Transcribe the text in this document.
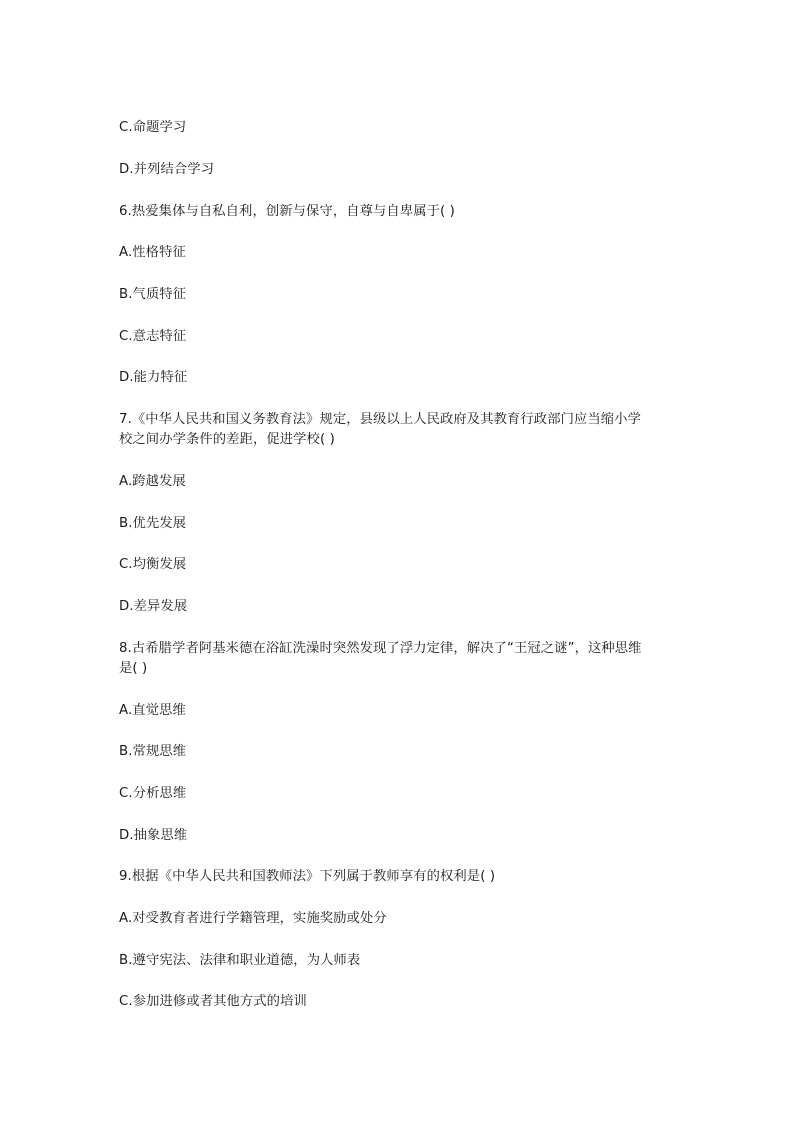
C.命题学习
D.并列结合学习
6.热爱集体与自私自利，创新与保守，自尊与自卑属于( )
A.性格特征
B.气质特征
C.意志特征
D.能力特征
7.《中华人民共和国义务教育法》规定，县级以上人民政府及其教育行政部门应当缩小学
校之间办学条件的差距，促进学校( )
A.跨越发展
B.优先发展
C.均衡发展
D.差异发展
8.古希腊学者阿基米德在浴缸洗澡时突然发现了浮力定律，解决了“王冠之谜”，这种思维
是( )
A.直觉思维
B.常规思维
C.分析思维
D.抽象思维
9.根据《中华人民共和国教师法》下列属于教师享有的权利是( )
A.对受教育者进行学籍管理，实施奖励或处分
B.遵守宪法、法律和职业道德，为人师表
C.参加进修或者其他方式的培训
